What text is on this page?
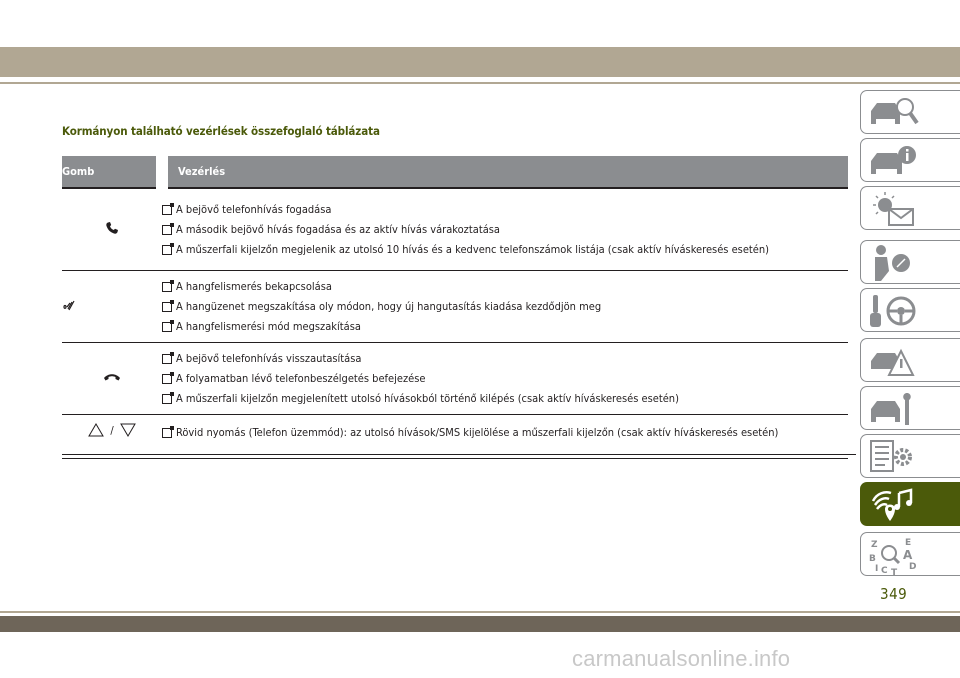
Kormányon található vezérlések összefoglaló táblázata
Gomb	Vezérlés

A bejövő telefonhívás fogadása
A második bejövő hívás fogadása és az aktív hívás várakoztatása
A műszerfali kijelzőn megjelenik az utolsó 10 hívás és a kedvenc telefonszámok listája (csak aktív híváskeresés esetén)

A hangfelismerés bekapcsolása
A hangüzenet megszakítása oly módon, hogy új hangutasítás kiadása kezdődjön meg
A hangfelismerési mód megszakítása

A bejövő telefonhívás visszautasítása
A folyamatban lévő telefonbeszélgetés befejezése
A műszerfali kijelzőn megjelenített utolsó hívásokból történő kilépés (csak aktív híváskeresés esetén)

/	Rövid nyomás (Telefon üzemmód): az utolsó hívások/SMS kijelölése a műszerfali kijelzőn (csak aktív híváskeresés esetén)
Z
B
I C T
E
A
D
349
carmanualsonline.info
